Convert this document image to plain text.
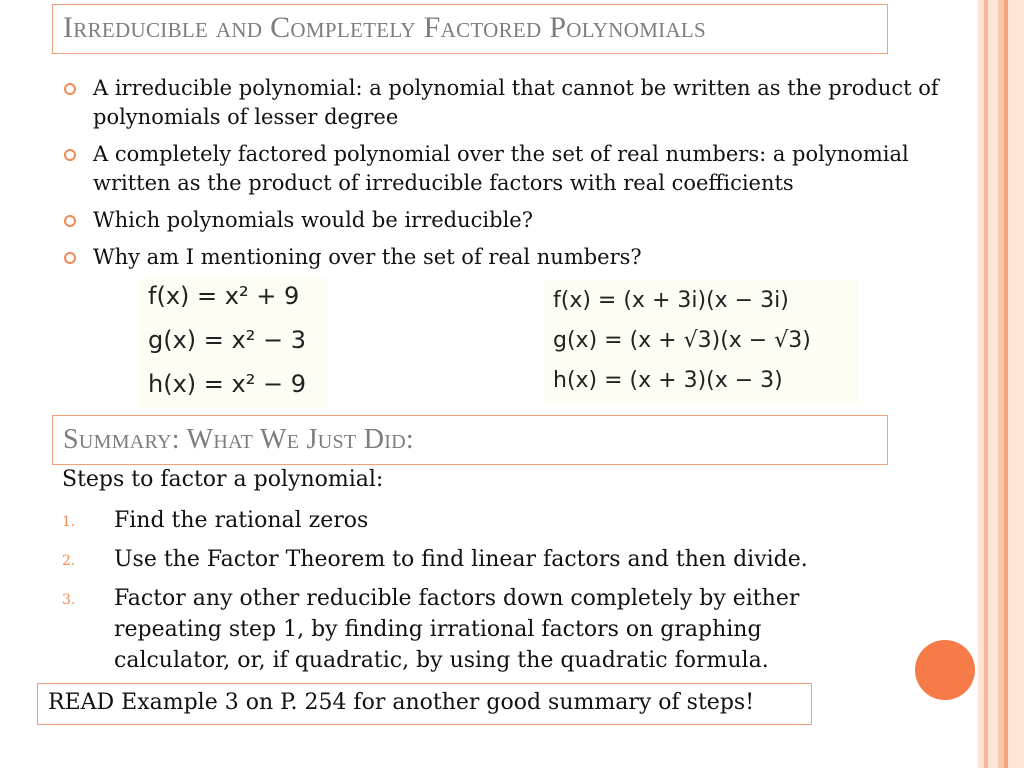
Irreducible and Completely Factored Polynomials
A irreducible polynomial: a polynomial that cannot be written as the product of polynomials of lesser degree
A completely factored polynomial over the set of real numbers: a polynomial written as the product of irreducible factors with real coefficients
Which polynomials would be irreducible?
Why am I mentioning over the set of real numbers?
f(x) = x² + 9
g(x) = x² − 3
h(x) = x² − 9
f(x) = (x + 3i)(x − 3i)
g(x) = (x + √3)(x − √3)
h(x) = (x + 3)(x − 3)
Summary: What We Just Did:
Steps to factor a polynomial:
1. Find the rational zeros
2. Use the Factor Theorem to find linear factors and then divide.
3. Factor any other reducible factors down completely by either repeating step 1, by finding irrational factors on graphing calculator, or, if quadratic, by using the quadratic formula.
READ Example 3 on P. 254 for another good summary of steps!
